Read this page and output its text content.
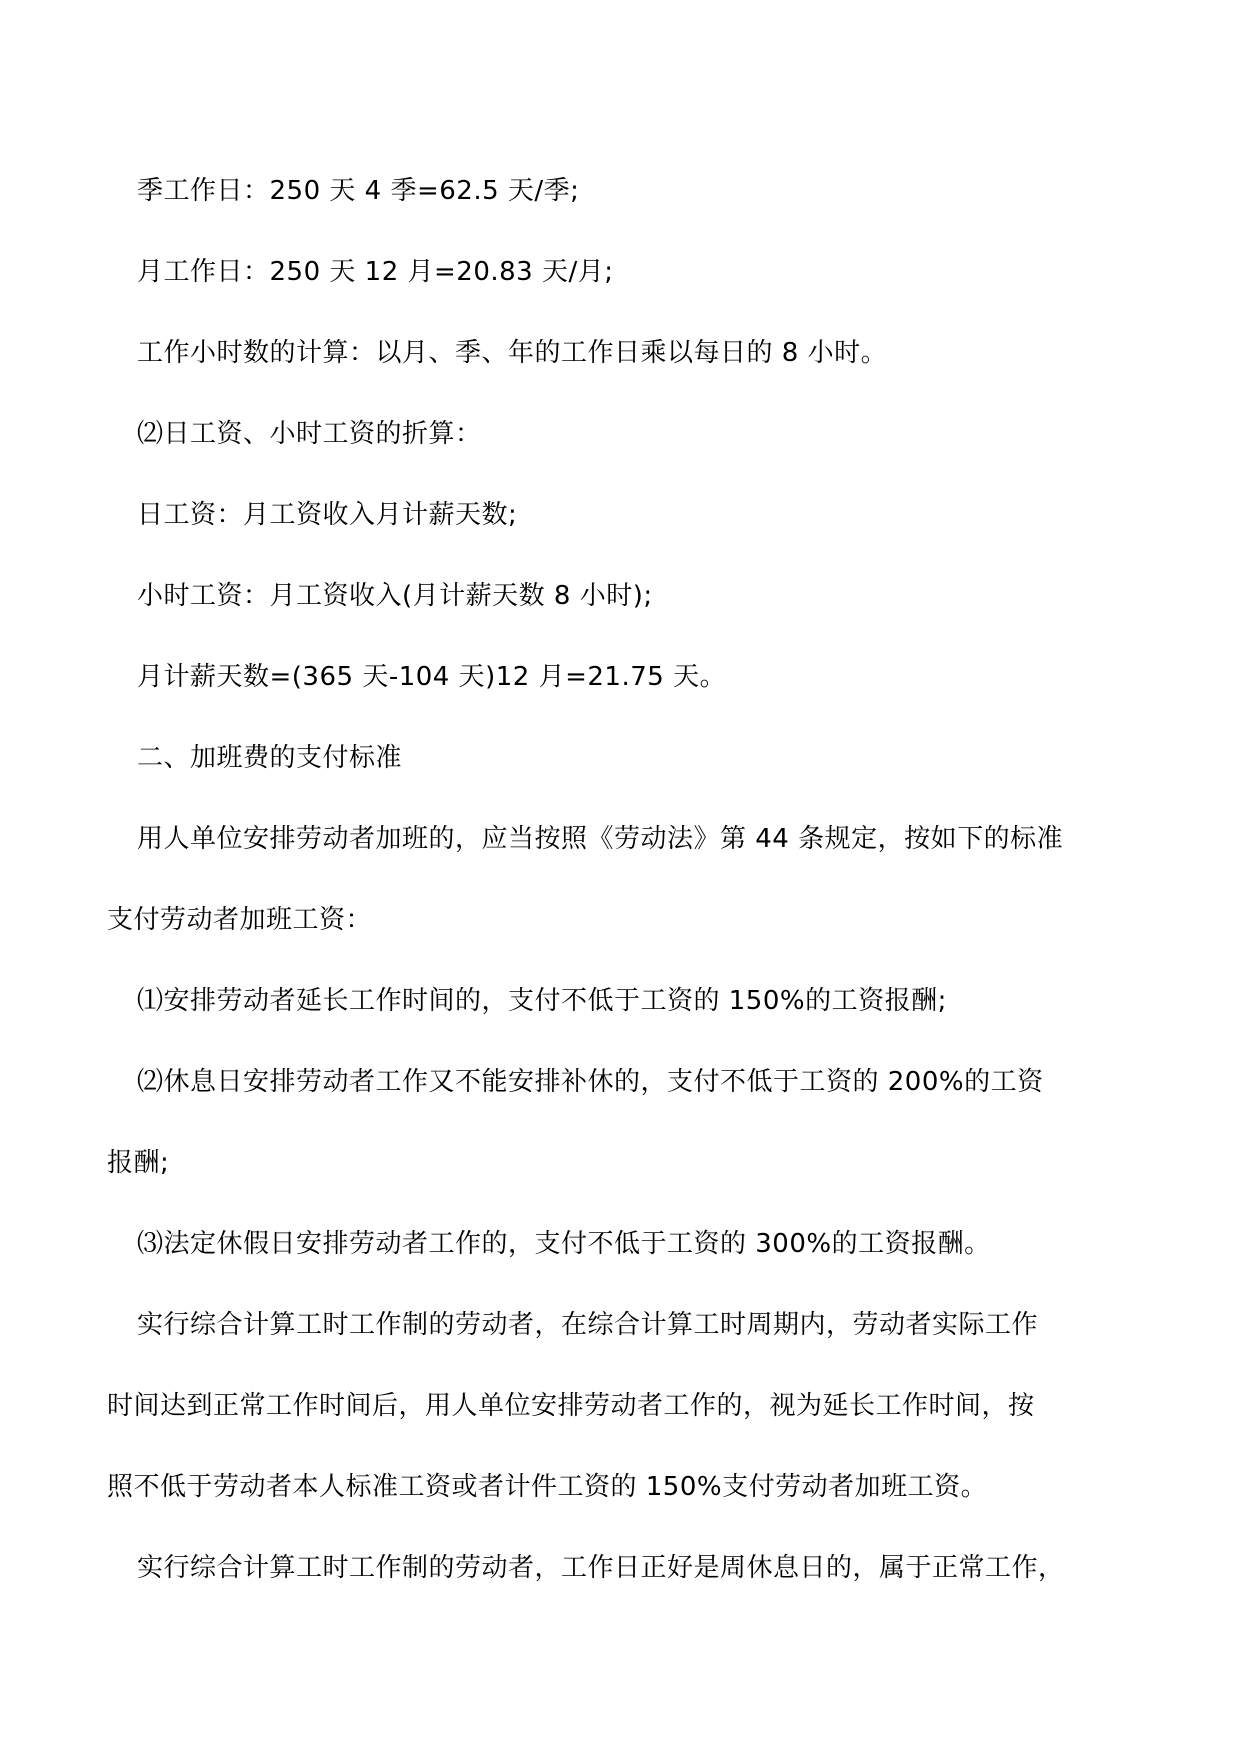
季工作日：250 天 4 季=62.5 天/季;
月工作日：250 天 12 月=20.83 天/月;
工作小时数的计算：以月、季、年的工作日乘以每日的 8 小时。
⑵日工资、小时工资的折算：
日工资：月工资收入月计薪天数;
小时工资：月工资收入(月计薪天数 8 小时);
月计薪天数=(365 天-104 天)12 月=21.75 天。
二、加班费的支付标准
用人单位安排劳动者加班的，应当按照《劳动法》第 44 条规定，按如下的标准
支付劳动者加班工资：
⑴安排劳动者延长工作时间的，支付不低于工资的 150%的工资报酬;
⑵休息日安排劳动者工作又不能安排补休的，支付不低于工资的 200%的工资
报酬;
⑶法定休假日安排劳动者工作的，支付不低于工资的 300%的工资报酬。
实行综合计算工时工作制的劳动者，在综合计算工时周期内，劳动者实际工作
时间达到正常工作时间后，用人单位安排劳动者工作的，视为延长工作时间，按
照不低于劳动者本人标准工资或者计件工资的 150%支付劳动者加班工资。
实行综合计算工时工作制的劳动者，工作日正好是周休息日的，属于正常工作，
